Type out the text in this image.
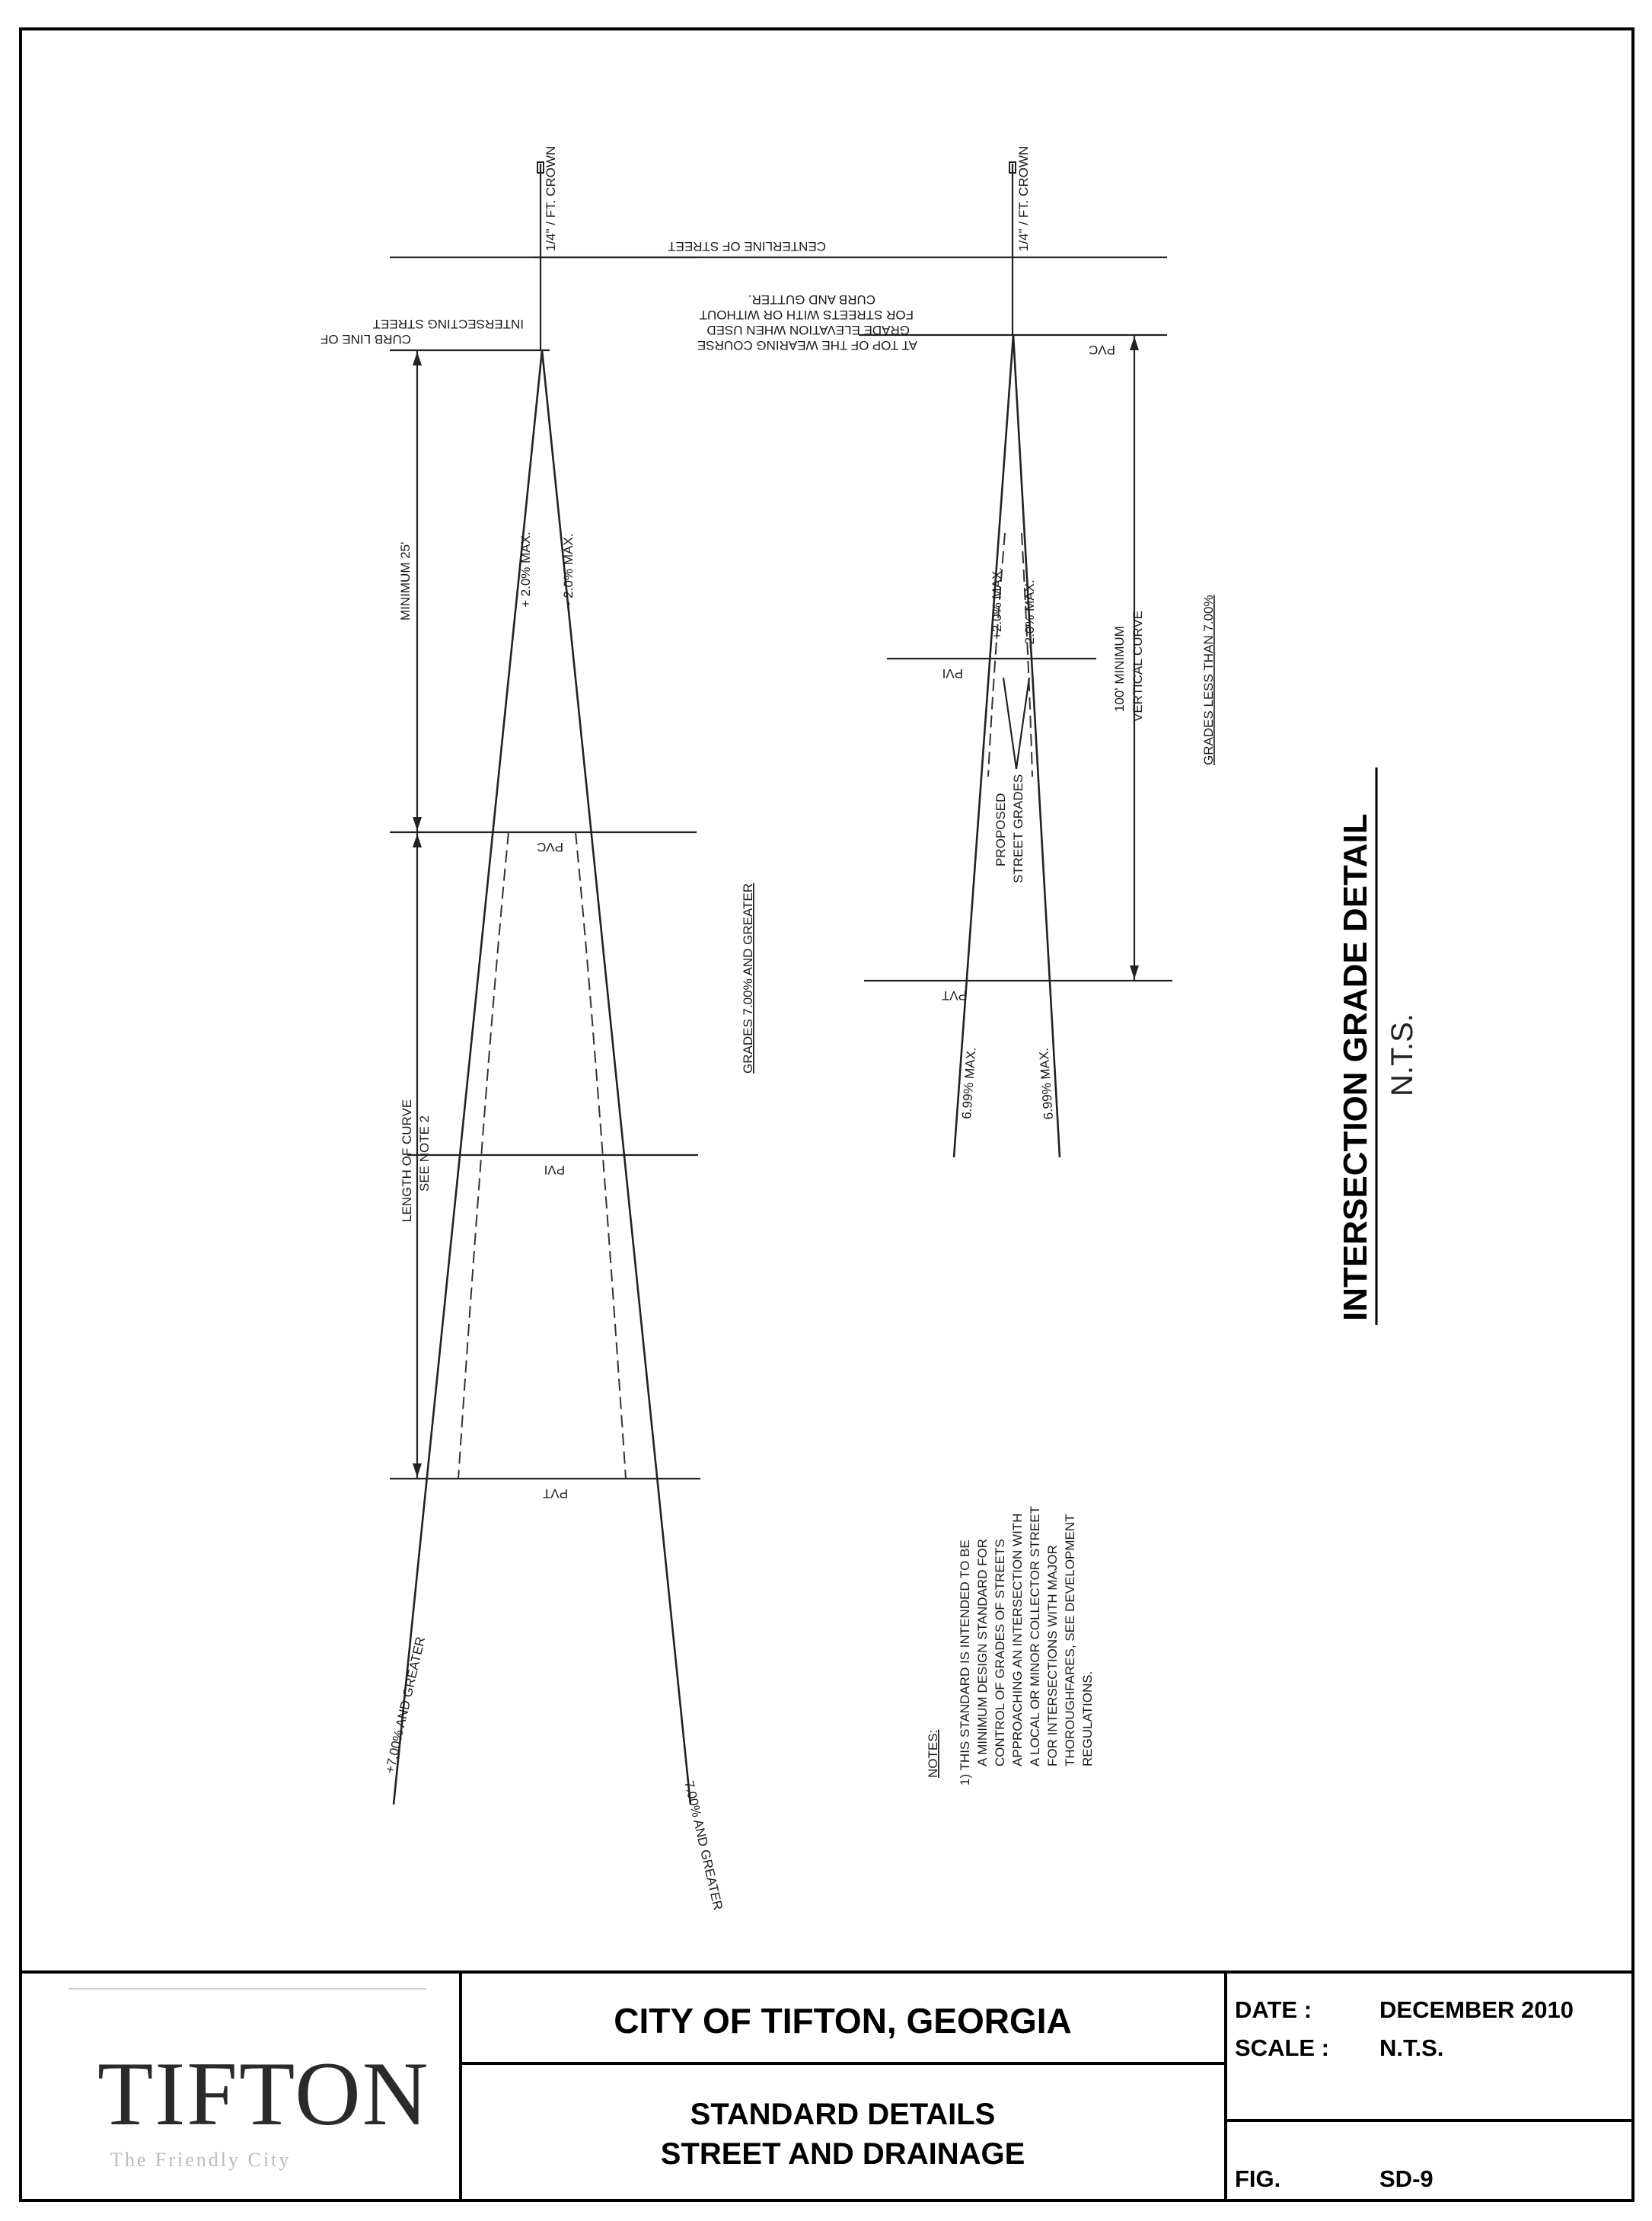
1/4" / FT. CROWN
CURB LINE OF
INTERSECTING STREET
MINIMUM 25'	+ 2.0% MAX. - 2.0% MAX.
PVC
PVI
PVT
LENGTH OF CURVE SEE NOTE 2
GRADES 7.00% AND GREATER
+7.00% AND GREATER
-7.00% AND GREATER
CENTERLINE OF STREET	1/4" / FT. CROWN
AT TOP OF THE WEARING COURSE
GRADE ELEVATION WHEN USED
FOR STREETS WITH OR WITHOUT
CURB AND GUTTER.
PVC
PVI
PVT
+2.0% MAX. -2.0% MAX.
100' MINIMUM VERTICAL CURVE
PROPOSED STREET GRADES
GRADES LESS THAN 7.00%
6.99% MAX.	6.99% MAX.
NOTES: 1) THIS STANDARD IS INTENDED TO BE A MINIMUM DESIGN STANDARD FOR CONTROL OF GRADES OF STREETS APPROACHING AN INTERSECTION WITH A LOCAL OR MINOR COLLECTOR STREET FOR INTERSECTIONS WITH MAJOR THOROUGHFARES, SEE DEVELOPMENT REGULATIONS.
INTERSECTION GRADE DETAIL N.T.S.
TIFTON
The Friendly City
CITY OF TIFTON, GEORGIA
STANDARD DETAILS
STREET AND DRAINAGE
DATE :	DECEMBER 2010
SCALE : N.T.S.
FIG.	SD-9
